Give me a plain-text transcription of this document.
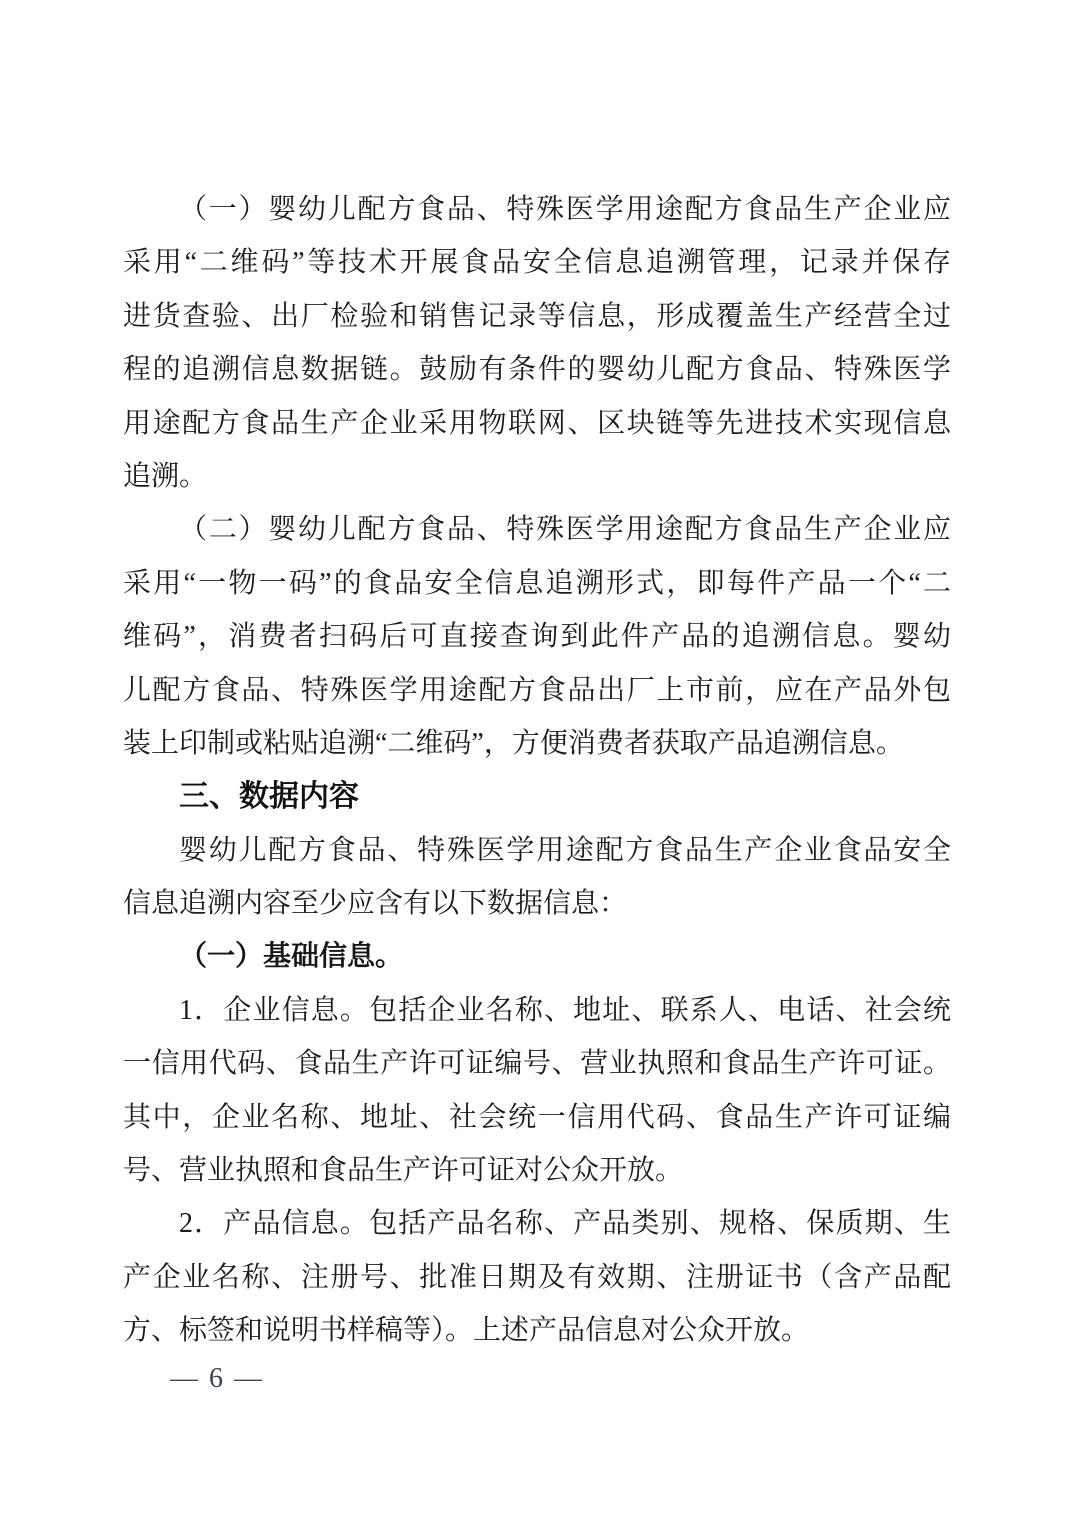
（一）婴幼儿配方食品、特殊医学用途配方食品生产企业应
采用“二维码”等技术开展食品安全信息追溯管理，记录并保存
进货查验、出厂检验和销售记录等信息，形成覆盖生产经营全过
程的追溯信息数据链。鼓励有条件的婴幼儿配方食品、特殊医学
用途配方食品生产企业采用物联网、区块链等先进技术实现信息
追溯。
（二）婴幼儿配方食品、特殊医学用途配方食品生产企业应
采用“一物一码”的食品安全信息追溯形式，即每件产品一个“二
维码”，消费者扫码后可直接查询到此件产品的追溯信息。婴幼
儿配方食品、特殊医学用途配方食品出厂上市前，应在产品外包
装上印制或粘贴追溯“二维码”，方便消费者获取产品追溯信息。
三、数据内容
婴幼儿配方食品、特殊医学用途配方食品生产企业食品安全
信息追溯内容至少应含有以下数据信息：
（一）基础信息。
1．企业信息。包括企业名称、地址、联系人、电话、社会统
一信用代码、食品生产许可证编号、营业执照和食品生产许可证。
其中，企业名称、地址、社会统一信用代码、食品生产许可证编
号、营业执照和食品生产许可证对公众开放。
2．产品信息。包括产品名称、产品类别、规格、保质期、生
产企业名称、注册号、批准日期及有效期、注册证书（含产品配
方、标签和说明书样稿等）。上述产品信息对公众开放。
— 6 —
